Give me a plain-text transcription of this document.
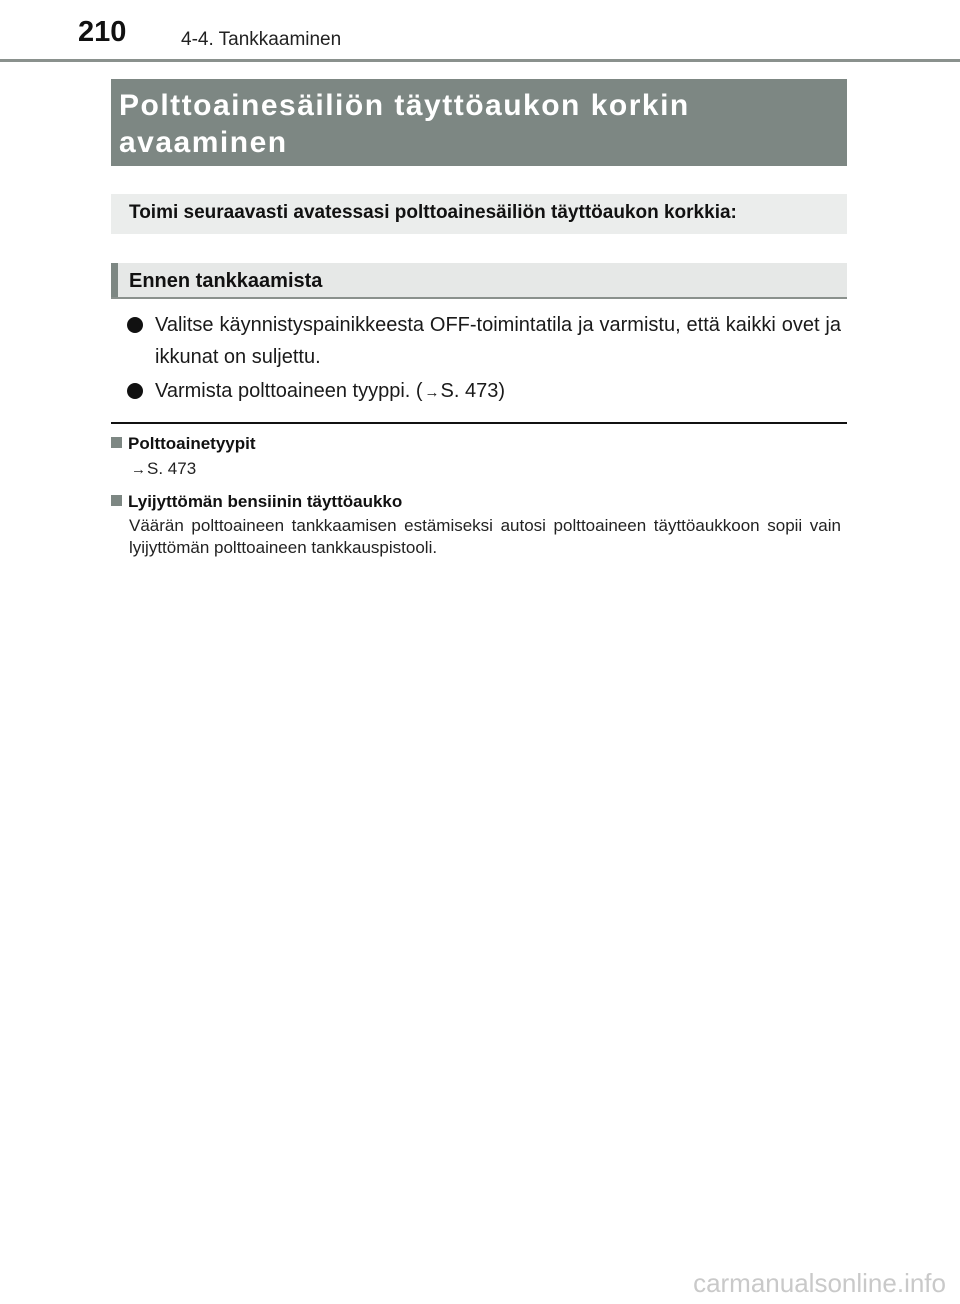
210	4-4. Tankkaaminen
Polttoainesäiliön täyttöaukon korkin
avaaminen
Toimi seuraavasti avatessasi polttoainesäiliön täyttöaukon korkkia:
Ennen tankkaamista
Valitse käynnistyspainikkeesta OFF-toimintatila ja varmistu, että kaikki ovet ja ikkunat on suljettu.
Varmista polttoaineen tyyppi. ( →S. 473)
Polttoainetyypit
→S. 473
Lyijyttömän bensiinin täyttöaukko
Väärän polttoaineen tankkaamisen estämiseksi autosi polttoaineen täyttöaukkoon sopii vain lyijyttömän polttoaineen tankkauspistooli.
carmanualsonline.info
